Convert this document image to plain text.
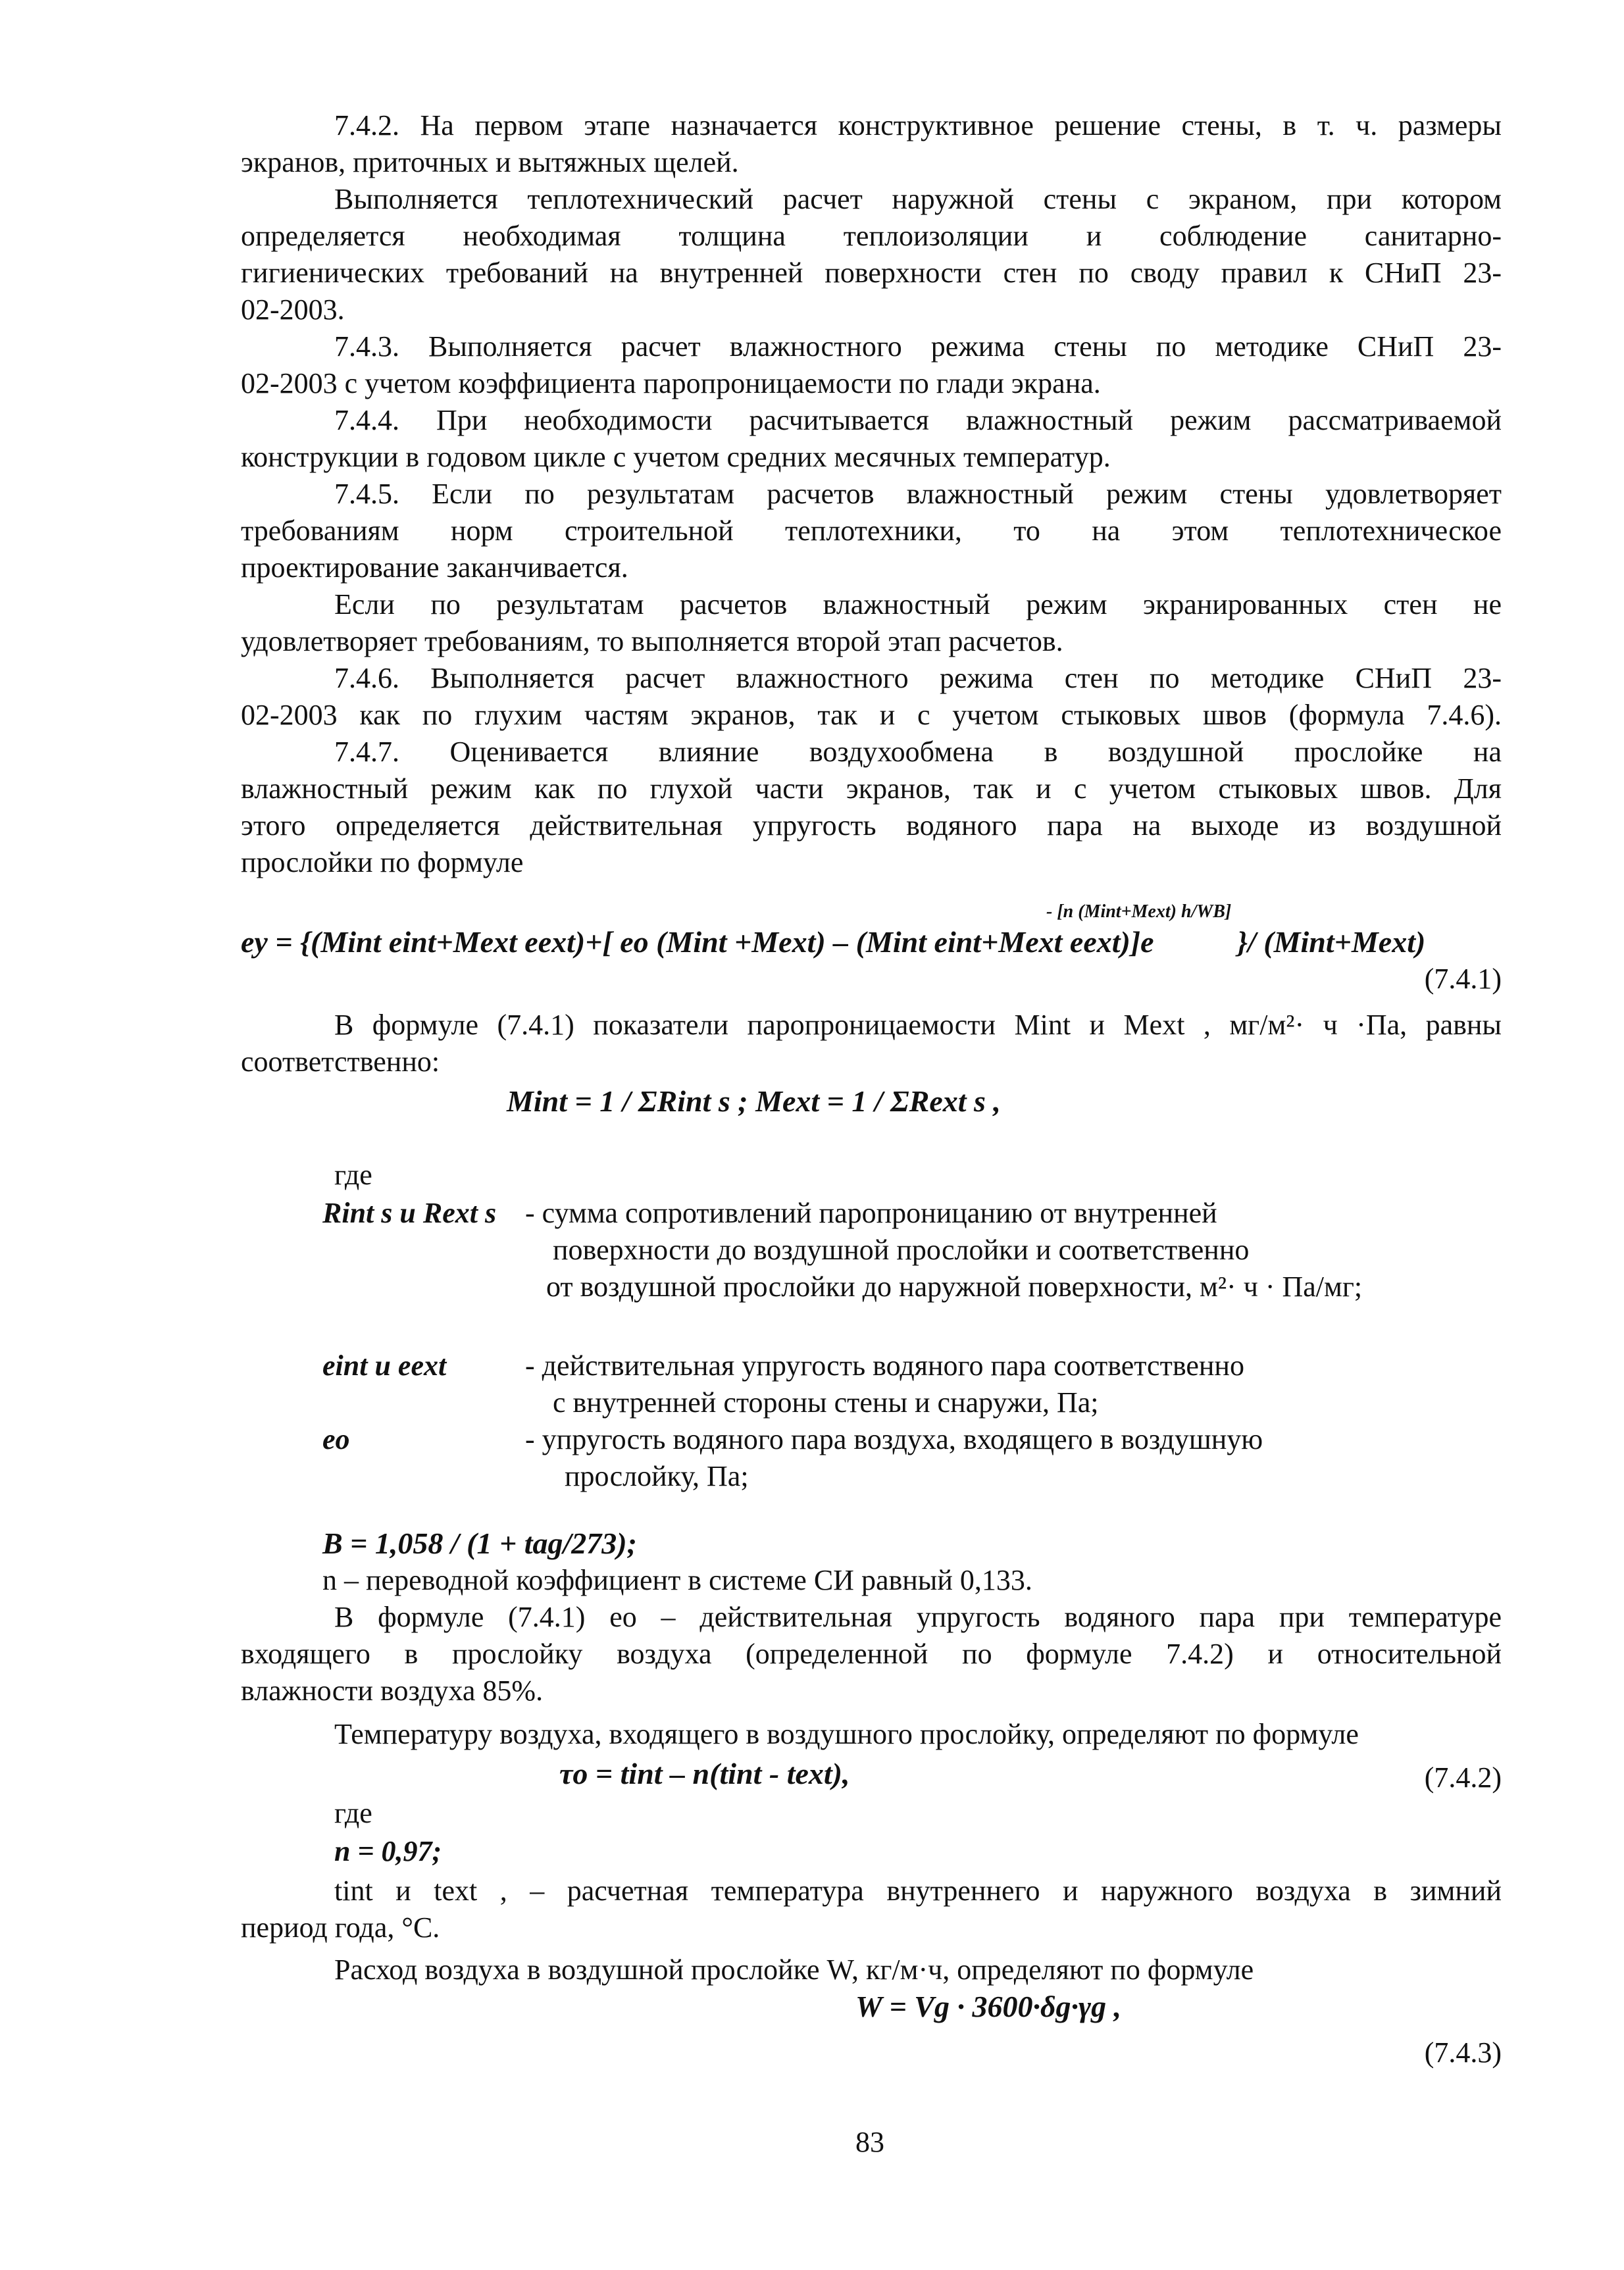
7.4.2. На первом этапе назначается конструктивное решение стены, в т. ч. размеры
экранов, приточных и вытяжных щелей.
Выполняется теплотехнический расчет наружной стены с экраном, при котором
определяется необходимая толщина теплоизоляции и соблюдение санитарно-
гигиенических требований на внутренней поверхности стен по своду правил к СНиП 23-
02-2003.
7.4.3. Выполняется расчет влажностного режима стены по методике СНиП 23-
02-2003 с учетом коэффициента паропроницаемости по глади экрана.
7.4.4. При необходимости расчитывается влажностный режим рассматриваемой
конструкции в годовом цикле с учетом средних месячных температур.
7.4.5. Если по результатам расчетов влажностный режим стены удовлетворяет
требованиям норм строительной теплотехники, то на этом теплотехническое
проектирование заканчивается.
Если по результатам расчетов влажностный режим экранированных стен не
удовлетворяет требованиям, то выполняется второй этап расчетов.
7.4.6. Выполняется расчет влажностного режима стен по методике СНиП 23-
02-2003 как по глухим частям экранов, так и с учетом стыковых швов (формула 7.4.6).
7.4.7. Оценивается влияние воздухообмена в воздушной прослойке на
влажностный режим как по глухой части экранов, так и с учетом стыковых швов. Для
этого определяется действительная упругость водяного пара на выходе из воздушной
прослойки по формуле
- [n (Mint+Mext) h/WB]
eу = {(Mint eint+Mext eext)+[ eo (Mint +Mext) – (Mint eint+Mext eext)]e	}/ (Mint+Mext)
(7.4.1)
В формуле (7.4.1) показатели паропроницаемости Mint и Mext , мг/м²· ч ·Па, равны
соответственно:
Mint = 1 / ΣRint s ; Mext = 1 / ΣRext s ,
где
Rint s и Rext s - сумма сопротивлений паропроницанию от внутренней
поверхности до воздушной прослойки и соответственно
от воздушной прослойки до наружной поверхности, м²· ч · Па/мг;
eint и eext	- действительная упругость водяного пара соответственно
с внутренней стороны стены и снаружи, Па;
eo	- упругость водяного пара воздуха, входящего в воздушную
прослойку, Па;
B = 1,058 / (1 + tag/273);
n – переводной коэффициент в системе СИ равный 0,133.
В формуле (7.4.1) eo – действительная упругость водяного пара при температуре
входящего в прослойку воздуха (определенной по формуле 7.4.2) и относительной
влажности воздуха 85%.
Температуру воздуха, входящего в воздушного прослойку, определяют по формуле
τo = tint – n(tint - text),	(7.4.2)
где
n = 0,97;
tint и text , – расчетная температура внутреннего и наружного воздуха в зимний
период года, °С.
Расход воздуха в воздушной прослойке W, кг/м·ч, определяют по формуле
W = Vg · 3600·δg·γg ,
(7.4.3)
83
